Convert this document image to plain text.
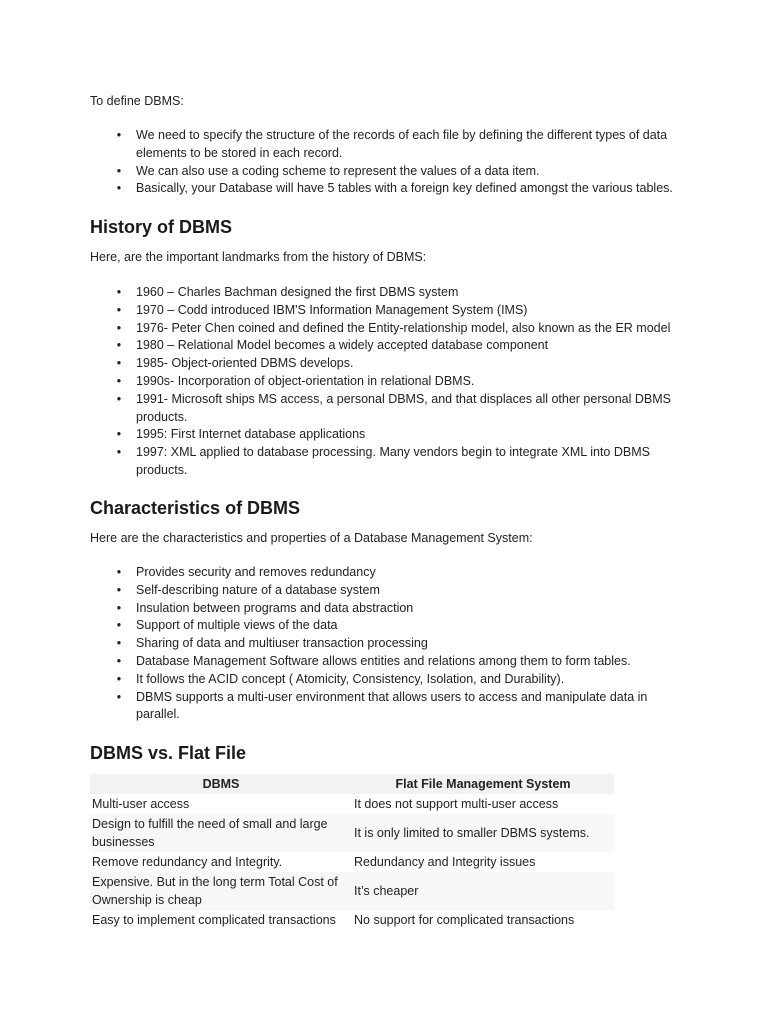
To define DBMS:

• We need to specify the structure of the records of each file by defining the different types of data elements to be stored in each record.
• We can also use a coding scheme to represent the values of a data item.
• Basically, your Database will have 5 tables with a foreign key defined amongst the various tables.
History of DBMS

Here, are the important landmarks from the history of DBMS:

• 1960 – Charles Bachman designed the first DBMS system
• 1970 – Codd introduced IBM'S Information Management System (IMS)
• 1976- Peter Chen coined and defined the Entity-relationship model, also known as the ER model
• 1980 – Relational Model becomes a widely accepted database component
• 1985- Object-oriented DBMS develops.
• 1990s- Incorporation of object-orientation in relational DBMS.
• 1991- Microsoft ships MS access, a personal DBMS, and that displaces all other personal DBMS products.
• 1995: First Internet database applications
• 1997: XML applied to database processing. Many vendors begin to integrate XML into DBMS products.
Characteristics of DBMS

Here are the characteristics and properties of a Database Management System:

• Provides security and removes redundancy
• Self-describing nature of a database system
• Insulation between programs and data abstraction
• Support of multiple views of the data
• Sharing of data and multiuser transaction processing
• Database Management Software allows entities and relations among them to form tables.
• It follows the ACID concept ( Atomicity, Consistency, Isolation, and Durability).
• DBMS supports a multi-user environment that allows users to access and manipulate data in parallel.
DBMS vs. Flat File
DBMS	Flat File Management System
Multi-user access	It does not support multi-user access
Design to fulfill the need of small and large businesses	It is only limited to smaller DBMS systems.
Remove redundancy and Integrity.	Redundancy and Integrity issues
Expensive. But in the long term Total Cost of Ownership is cheap	It’s cheaper
Easy to implement complicated transactions	No support for complicated transactions
